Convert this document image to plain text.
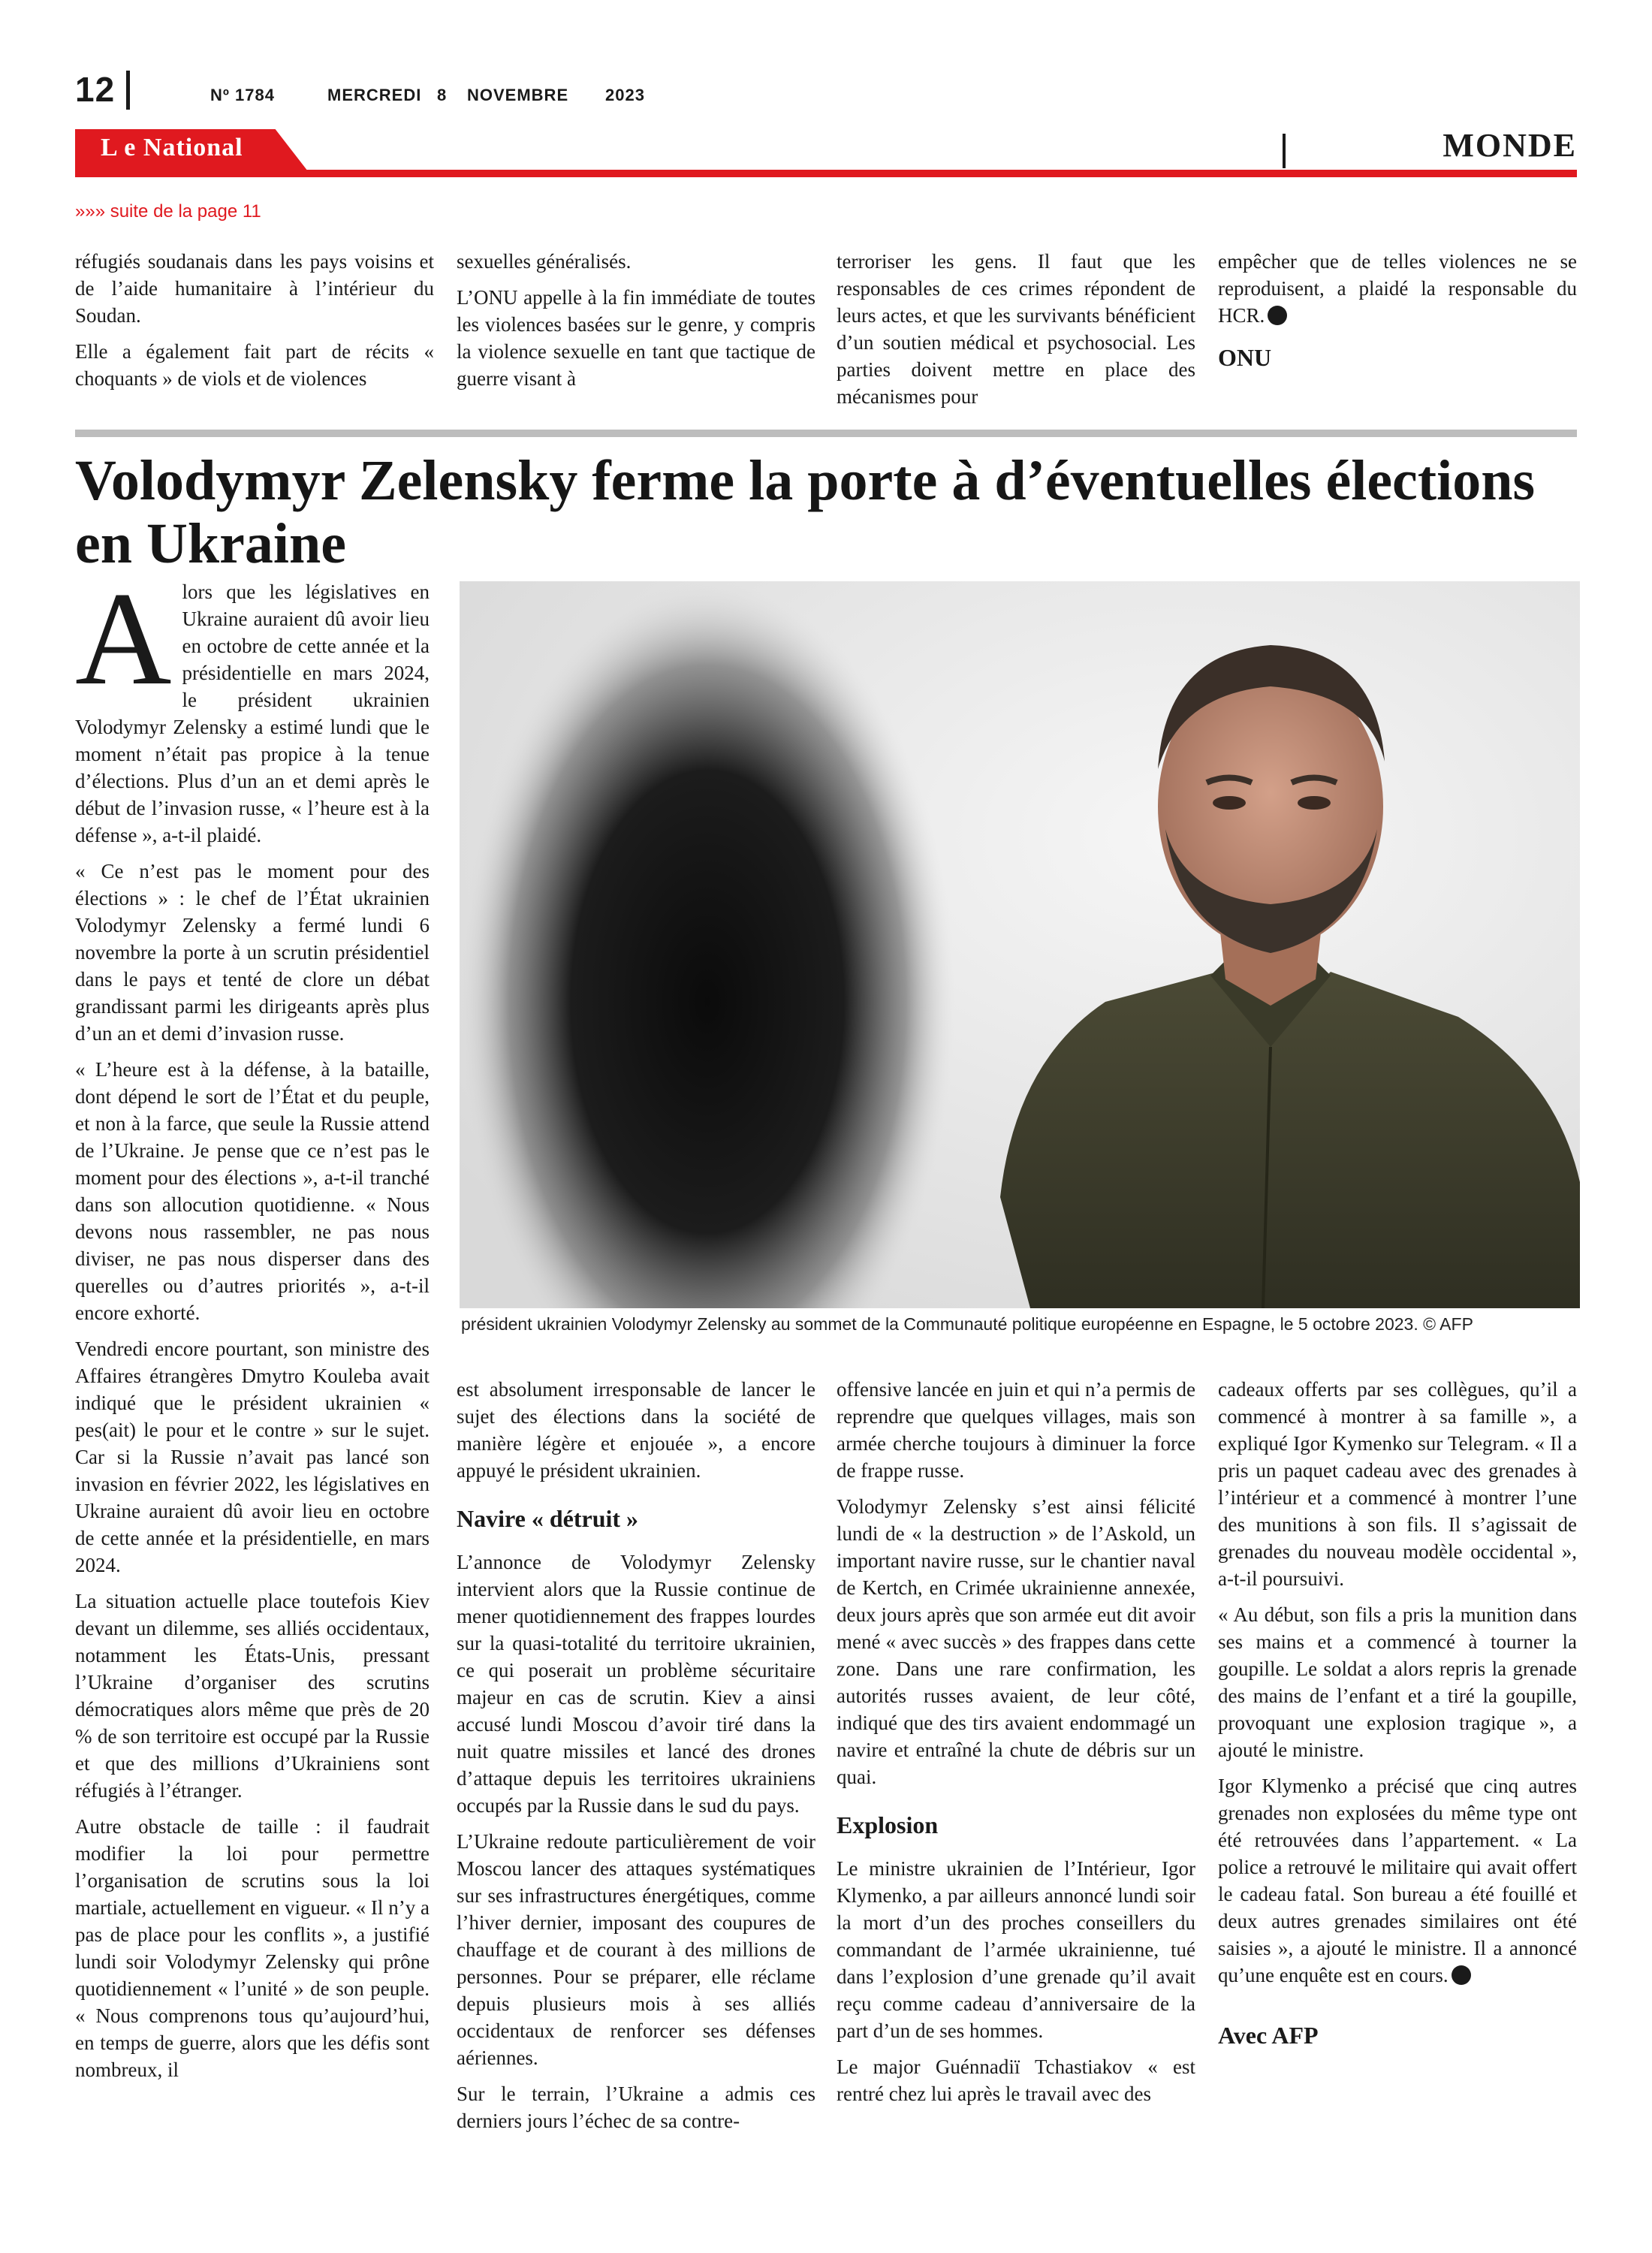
12	Nº 1784	MERCREDI 8 NOVEMBRE 2023
L e National	MONDE
»»» suite de la page 11

réfugiés soudanais dans les pays voisins et de l’aide humanitaire à l’intérieur du Soudan.

Elle a également fait part de récits « choquants » de viols et de violences

sexuelles généralisés.

L’ONU appelle à la fin immédiate de toutes les violences basées sur le genre, y compris la violence sexuelle en tant que tactique de guerre visant à

terroriser les gens. Il faut que les responsables de ces crimes répondent de leurs actes, et que les survivants bénéficient d’un soutien médical et psychosocial. Les parties doivent mettre en place des mécanismes pour

empêcher que de telles violences ne se reproduisent, a plaidé la responsable du HCR.

ONU
Volodymyr Zelensky ferme la porte à d’éventuelles élections en Ukraine
président ukrainien Volodymyr Zelensky au sommet de la Communauté politique européenne en Espagne, le 5 octobre 2023. © AFP

Alors que les législatives en Ukraine auraient dû avoir lieu en octobre de cette année et la présidentielle en mars 2024, le président ukrainien Volodymyr Zelensky a estimé lundi que le moment n’était pas propice à la tenue d’élections. Plus d’un an et demi après le début de l’invasion russe, « l’heure est à la défense », a-t-il plaidé.

« Ce n’est pas le moment pour des élections » : le chef de l’État ukrainien Volodymyr Zelensky a fermé lundi 6 novembre la porte à un scrutin présidentiel dans le pays et tenté de clore un débat grandissant parmi les dirigeants après plus d’un an et demi d’invasion russe.

« L’heure est à la défense, à la bataille, dont dépend le sort de l’État et du peuple, et non à la farce, que seule la Russie attend de l’Ukraine. Je pense que ce n’est pas le moment pour des élections », a-t-il tranché dans son allocution quotidienne. « Nous devons nous rassembler, ne pas nous diviser, ne pas nous disperser dans des querelles ou d’autres priorités », a-t-il encore exhorté.

Vendredi encore pourtant, son ministre des Affaires étrangères Dmytro Kouleba avait indiqué que le président ukrainien « pes(ait) le pour et le contre » sur le sujet. Car si la Russie n’avait pas lancé son invasion en février 2022, les législatives en Ukraine auraient dû avoir lieu en octobre de cette année et la présidentielle, en mars 2024.

La situation actuelle place toutefois Kiev devant un dilemme, ses alliés occidentaux, notamment les États-Unis, pressant l’Ukraine d’organiser des scrutins démocratiques alors même que près de 20 % de son territoire est occupé par la Russie et que des millions d’Ukrainiens sont réfugiés à l’étranger.

Autre obstacle de taille : il faudrait modifier la loi pour permettre l’organisation de scrutins sous la loi martiale, actuellement en vigueur. « Il n’y a pas de place pour les conflits », a justifié lundi soir Volodymyr Zelensky qui prône quotidiennement « l’unité » de son peuple. « Nous comprenons tous qu’aujourd’hui, en temps de guerre, alors que les défis sont nombreux, il

est absolument irresponsable de lancer le sujet des élections dans la société de manière légère et enjouée », a encore appuyé le président ukrainien.

Navire « détruit »

L’annonce de Volodymyr Zelensky intervient alors que la Russie continue de mener quotidiennement des frappes lourdes sur la quasi-totalité du territoire ukrainien, ce qui poserait un problème sécuritaire majeur en cas de scrutin. Kiev a ainsi accusé lundi Moscou d’avoir tiré dans la nuit quatre missiles et lancé des drones d’attaque depuis les territoires ukrainiens occupés par la Russie dans le sud du pays.

L’Ukraine redoute particulièrement de voir Moscou lancer des attaques systématiques sur ses infrastructures énergétiques, comme l’hiver dernier, imposant des coupures de chauffage et de courant à des millions de personnes. Pour se préparer, elle réclame depuis plusieurs mois à ses alliés occidentaux de renforcer ses défenses aériennes.

Sur le terrain, l’Ukraine a admis ces derniers jours l’échec de sa contre-

offensive lancée en juin et qui n’a permis de reprendre que quelques villages, mais son armée cherche toujours à diminuer la force de frappe russe.

Volodymyr Zelensky s’est ainsi félicité lundi de « la destruction » de l’Askold, un important navire russe, sur le chantier naval de Kertch, en Crimée ukrainienne annexée, deux jours après que son armée eut dit avoir mené « avec succès » des frappes dans cette zone. Dans une rare confirmation, les autorités russes avaient, de leur côté, indiqué que des tirs avaient endommagé un navire et entraîné la chute de débris sur un quai.

Explosion

Le ministre ukrainien de l’Intérieur, Igor Klymenko, a par ailleurs annoncé lundi soir la mort d’un des proches conseillers du commandant de l’armée ukrainienne, tué dans l’explosion d’une grenade qu’il avait reçu comme cadeau d’anniversaire de la part d’un de ses hommes.

Le major Guénnadiï Tchastiakov « est rentré chez lui après le travail avec des

cadeaux offerts par ses collègues, qu’il a commencé à montrer à sa famille », a expliqué Igor Kymenko sur Telegram. « Il a pris un paquet cadeau avec des grenades à l’intérieur et a commencé à montrer l’une des munitions à son fils. Il s’agissait de grenades du nouveau modèle occidental », a-t-il poursuivi.

« Au début, son fils a pris la munition dans ses mains et a commencé à tourner la goupille. Le soldat a alors repris la grenade des mains de l’enfant et a tiré la goupille, provoquant une explosion tragique », a ajouté le ministre.

Igor Klymenko a précisé que cinq autres grenades non explosées du même type ont été retrouvées dans l’appartement. « La police a retrouvé le militaire qui avait offert le cadeau fatal. Son bureau a été fouillé et deux autres grenades similaires ont été saisies », a ajouté le ministre. Il a annoncé qu’une enquête est en cours.

Avec AFP
